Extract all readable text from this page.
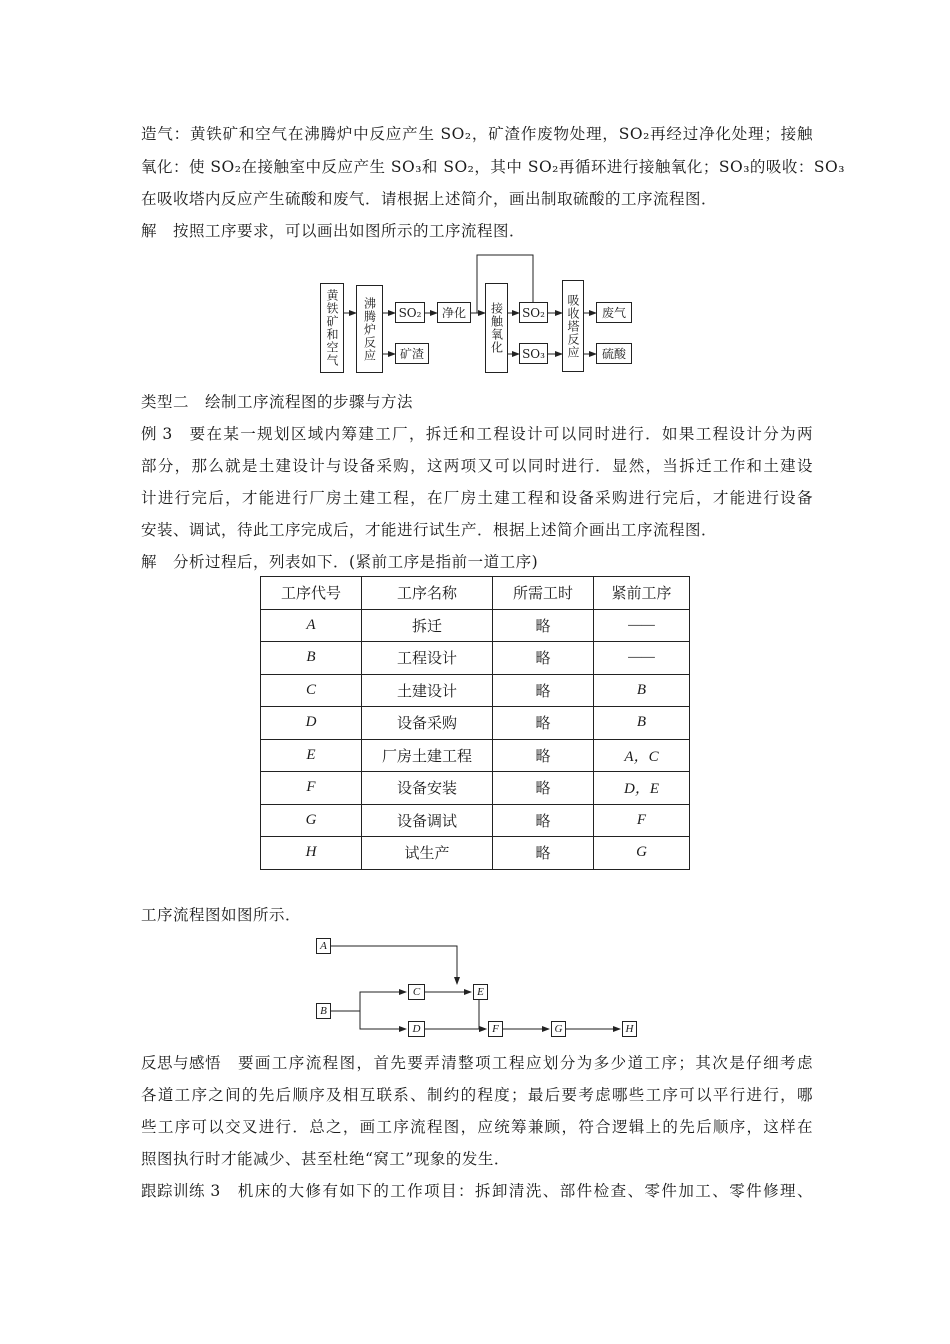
造气：黄铁矿和空气在沸腾炉中反应产生 SO₂，矿渣作废物处理，SO₂再经过净化处理；接触
氧化：使 SO₂在接触室中反应产生 SO₃和 SO₂，其中 SO₂再循环进行接触氧化；SO₃的吸收：SO₃
在吸收塔内反应产生硫酸和废气．请根据上述简介，画出制取硫酸的工序流程图．
解 按照工序要求，可以画出如图所示的工序流程图．
黄铁矿和空气 沸腾炉反应 SO₂
矿渣
净化	接触氧化 SO₂
SO₃ 吸收塔反应	废气
硫酸
类型二　绘制工序流程图的步骤与方法
例 3 要在某一规划区域内筹建工厂，拆迁和工程设计可以同时进行．如果工程设计分为两
部分，那么就是土建设计与设备采购，这两项又可以同时进行．显然，当拆迁工作和土建设
计进行完后，才能进行厂房土建工程，在厂房土建工程和设备采购进行完后，才能进行设备
安装、调试，待此工序完成后，才能进行试生产．根据上述简介画出工序流程图．
解 分析过程后，列表如下．(紧前工序是指前一道工序)
工序代号	工序名称	所需工时	紧前工序
A	拆迁	略	——
B	工程设计	略	——
C	土建设计	略	B
D	设备采购	略	B
E	厂房土建工程	略	A，C
F	设备安装	略	D，E
G	设备调试	略	F
H	试生产	略	G
工序流程图如图所示．
A
B
C	E
D	F	G	H
反思与感悟 要画工序流程图，首先要弄清整项工程应划分为多少道工序；其次是仔细考虑
各道工序之间的先后顺序及相互联系、制约的程度；最后要考虑哪些工序可以平行进行，哪
些工序可以交叉进行．总之，画工序流程图，应统筹兼顾，符合逻辑上的先后顺序，这样在
照图执行时才能减少、甚至杜绝“窝工”现象的发生．
跟踪训练 3 机床的大修有如下的工作项目：拆卸清洗、部件检查、零件加工、零件修理、
